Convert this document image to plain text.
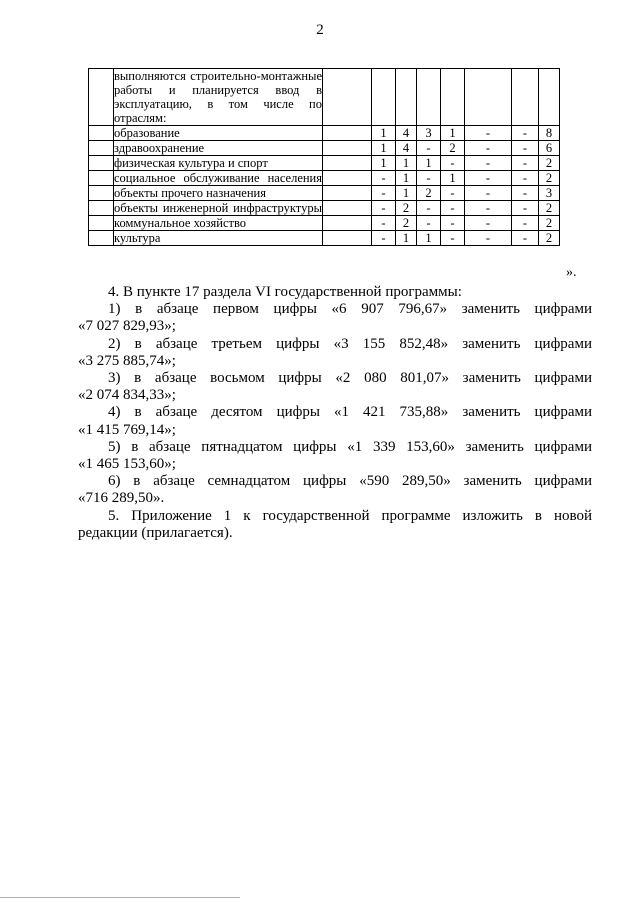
2
	выполняются строительно-монтажные работы и планируется ввод в эксплуатацию, в том числе по отраслям:								
	образование		1	4	3	1	-	-	8
	здравоохранение		1	4	-	2	-	-	6
	физическая культура и спорт		1	1	1	-	-	-	2
	социальное обслуживание населения		-	1	-	1	-	-	2
	объекты прочего назначения		-	1	2	-	-	-	3
	объекты инженерной инфраструктуры		-	2	-	-	-	-	2
	коммунальное хозяйство		-	2	-	-	-	-	2
	культура		-	1	1	-	-	-	2
».

4. В пункте 17 раздела VI государственной программы:

1) в абзаце первом цифры «6 907 796,67» заменить цифрами

«7 027 829,93»;

2) в абзаце третьем цифры «3 155 852,48» заменить цифрами

«3 275 885,74»;

3) в абзаце восьмом цифры «2 080 801,07» заменить цифрами

«2 074 834,33»;

4) в абзаце десятом цифры «1 421 735,88» заменить цифрами

«1 415 769,14»;

5) в абзаце пятнадцатом цифры «1 339 153,60» заменить цифрами

«1 465 153,60»;

6) в абзаце семнадцатом цифры «590 289,50» заменить цифрами

«716 289,50».

5. Приложение 1 к государственной программе изложить в новой

редакции (прилагается).
